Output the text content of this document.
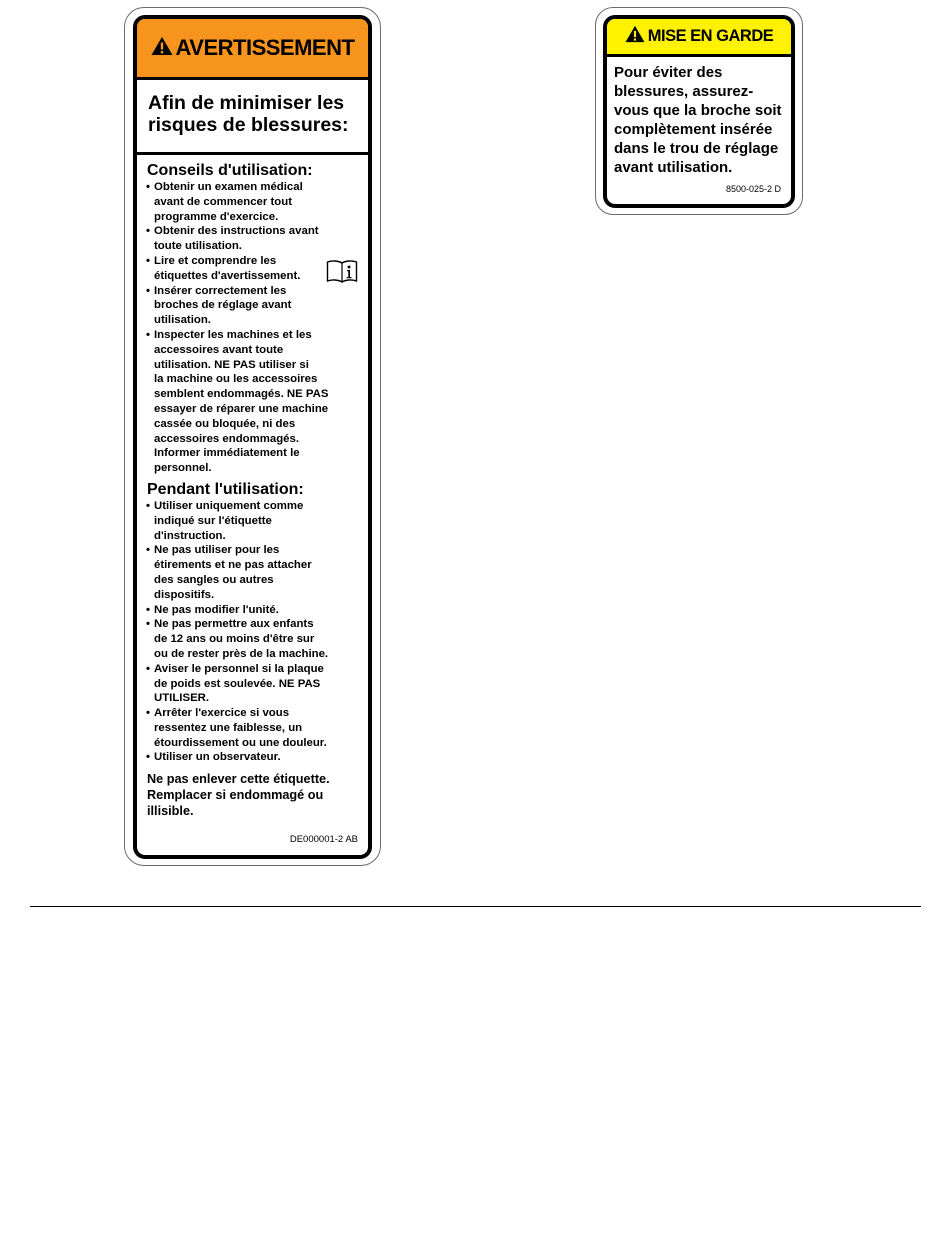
AVERTISSEMENT
Afin de minimiser les
risques de blessures:
Conseils d'utilisation:
• Obtenir un examen médical
avant de commencer tout
programme d'exercice.
• Obtenir des instructions avant
toute utilisation.
• Lire et comprendre les
étiquettes d'avertissement.
• Insérer correctement les
broches de réglage avant
utilisation.
• Inspecter les machines et les
accessoires avant toute
utilisation. NE PAS utiliser si
la machine ou les accessoires
semblent endommagés. NE PAS
essayer de réparer une machine
cassée ou bloquée, ni des
accessoires endommagés.
Informer immédiatement le
personnel.
Pendant l'utilisation:
• Utiliser uniquement comme
indiqué sur l'étiquette
d'instruction.
• Ne pas utiliser pour les
étirements et ne pas attacher
des sangles ou autres
dispositifs.
• Ne pas modifier l'unité.
• Ne pas permettre aux enfants
de 12 ans ou moins d'être sur
ou de rester près de la machine.
• Aviser le personnel si la plaque
de poids est soulevée. NE PAS
UTILISER.
• Arrêter l'exercice si vous
ressentez une faiblesse, un
étourdissement ou une douleur.
• Utiliser un observateur.
Ne pas enlever cette étiquette.
Remplacer si endommagé ou
illisible.
DE000001-2 AB
MISE EN GARDE
Pour éviter des
blessures, assurez-
vous que la broche soit
complètement insérée
dans le trou de réglage
avant utilisation.
8500-025-2 D
